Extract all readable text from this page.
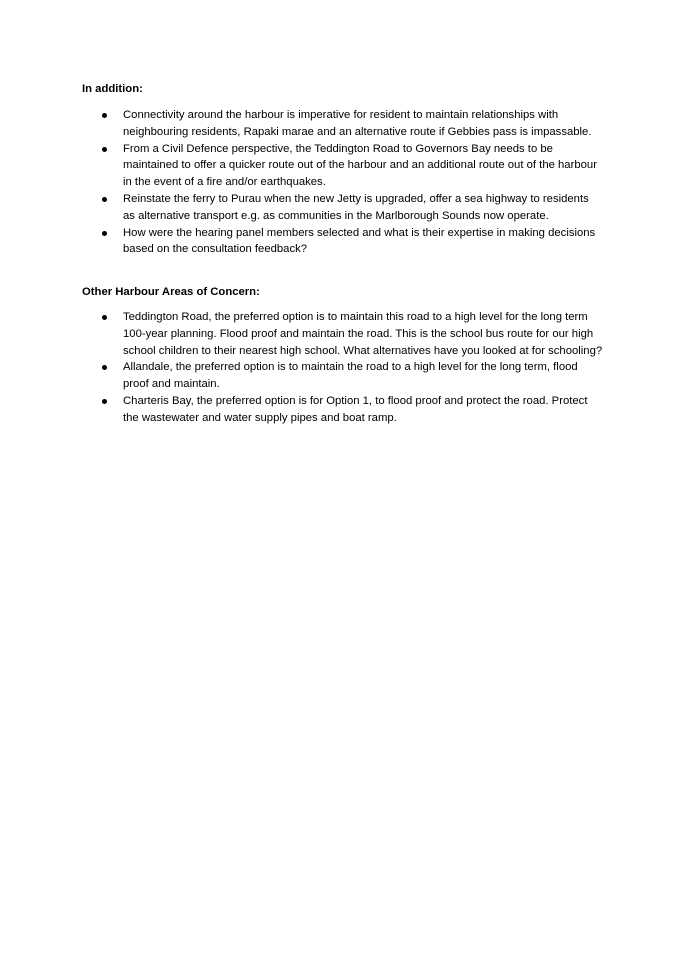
In addition:
Connectivity around the harbour is imperative for resident to maintain relationships with neighbouring residents, Rapaki marae and an alternative route if Gebbies pass is impassable.
From a Civil Defence perspective, the Teddington Road to Governors Bay needs to be maintained to offer a quicker route out of the harbour and an additional route out of the harbour in the event of a fire and/or earthquakes.
Reinstate the ferry to Purau when the new Jetty is upgraded, offer a sea highway to residents as alternative transport e.g. as communities in the Marlborough Sounds now operate.
How were the hearing panel members selected and what is their expertise in making decisions based on the consultation feedback?
Other Harbour Areas of Concern:
Teddington Road, the preferred option is to maintain this road to a high level for the long term 100-year planning. Flood proof and maintain the road. This is the school bus route for our high school children to their nearest high school. What alternatives have you looked at for schooling?
Allandale, the preferred option is to maintain the road to a high level for the long term, flood proof and maintain.
Charteris Bay, the preferred option is for Option 1, to flood proof and protect the road. Protect the wastewater and water supply pipes and boat ramp.
